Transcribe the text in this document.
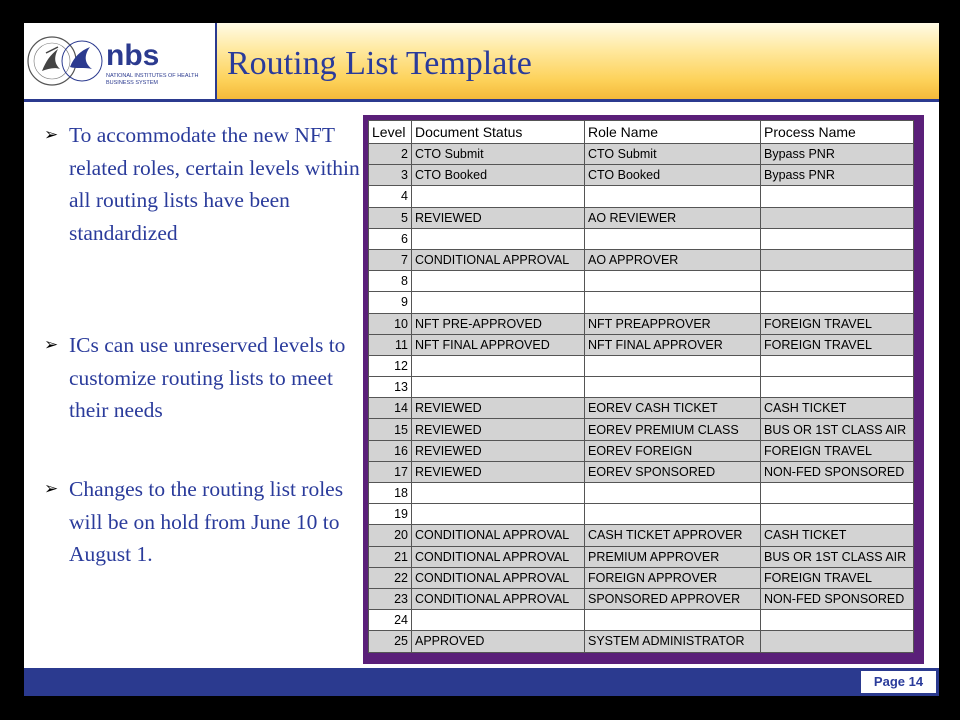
nbs
NATIONAL INSTITUTES OF HEALTH
BUSINESS SYSTEM
Routing List Template
➢ To accommodate the new NFT related roles, certain levels within all routing lists have been standardized
➢ ICs can use unreserved levels to customize routing lists to meet their needs
➢ Changes to the routing list roles will be on hold from June 10 to August 1.
Level	Document Status	Role Name	Process Name
2	CTO Submit	CTO Submit	Bypass PNR
3	CTO Booked	CTO Booked	Bypass PNR
4			
5	REVIEWED	AO REVIEWER	
6			
7	CONDITIONAL APPROVAL	AO APPROVER	
8			
9			
10	NFT PRE-APPROVED	NFT PREAPPROVER	FOREIGN TRAVEL
11	NFT FINAL APPROVED	NFT FINAL APPROVER	FOREIGN TRAVEL
12			
13			
14	REVIEWED	EOREV CASH TICKET	CASH TICKET
15	REVIEWED	EOREV PREMIUM CLASS	BUS OR 1ST CLASS AIR
16	REVIEWED	EOREV FOREIGN	FOREIGN TRAVEL
17	REVIEWED	EOREV SPONSORED	NON-FED SPONSORED
18			
19			
20	CONDITIONAL APPROVAL	CASH TICKET APPROVER	CASH TICKET
21	CONDITIONAL APPROVAL	PREMIUM APPROVER	BUS OR 1ST CLASS AIR
22	CONDITIONAL APPROVAL	FOREIGN APPROVER	FOREIGN TRAVEL
23	CONDITIONAL APPROVAL	SPONSORED APPROVER	NON-FED SPONSORED
24			
25	APPROVED	SYSTEM ADMINISTRATOR	
Page 14
